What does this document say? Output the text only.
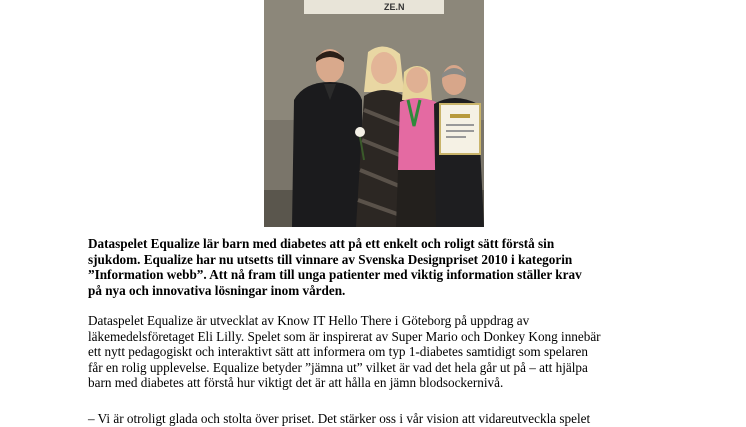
ZE.N

Dataspelet Equalize lär barn med diabetes att på ett enkelt och roligt sätt förstå sin
sjukdom. Equalize har nu utsetts till vinnare av Svenska Designpriset 2010 i kategorin
”Information webb”. Att nå fram till unga patienter med viktig information ställer krav
på nya och innovativa lösningar inom vården.

Dataspelet Equalize är utvecklat av Know IT Hello There i Göteborg på uppdrag av
läkemedelsföretaget Eli Lilly. Spelet som är inspirerat av Super Mario och Donkey Kong innebär
ett nytt pedagogiskt och interaktivt sätt att informera om typ 1-diabetes samtidigt som spelaren
får en rolig upplevelse. Equalize betyder ”jämna ut” vilket är vad det hela går ut på – att hjälpa
barn med diabetes att förstå hur viktigt det är att hålla en jämn blodsockernivå.

– Vi är otroligt glada och stolta över priset. Det stärker oss i vår vision att vidareutveckla spelet
